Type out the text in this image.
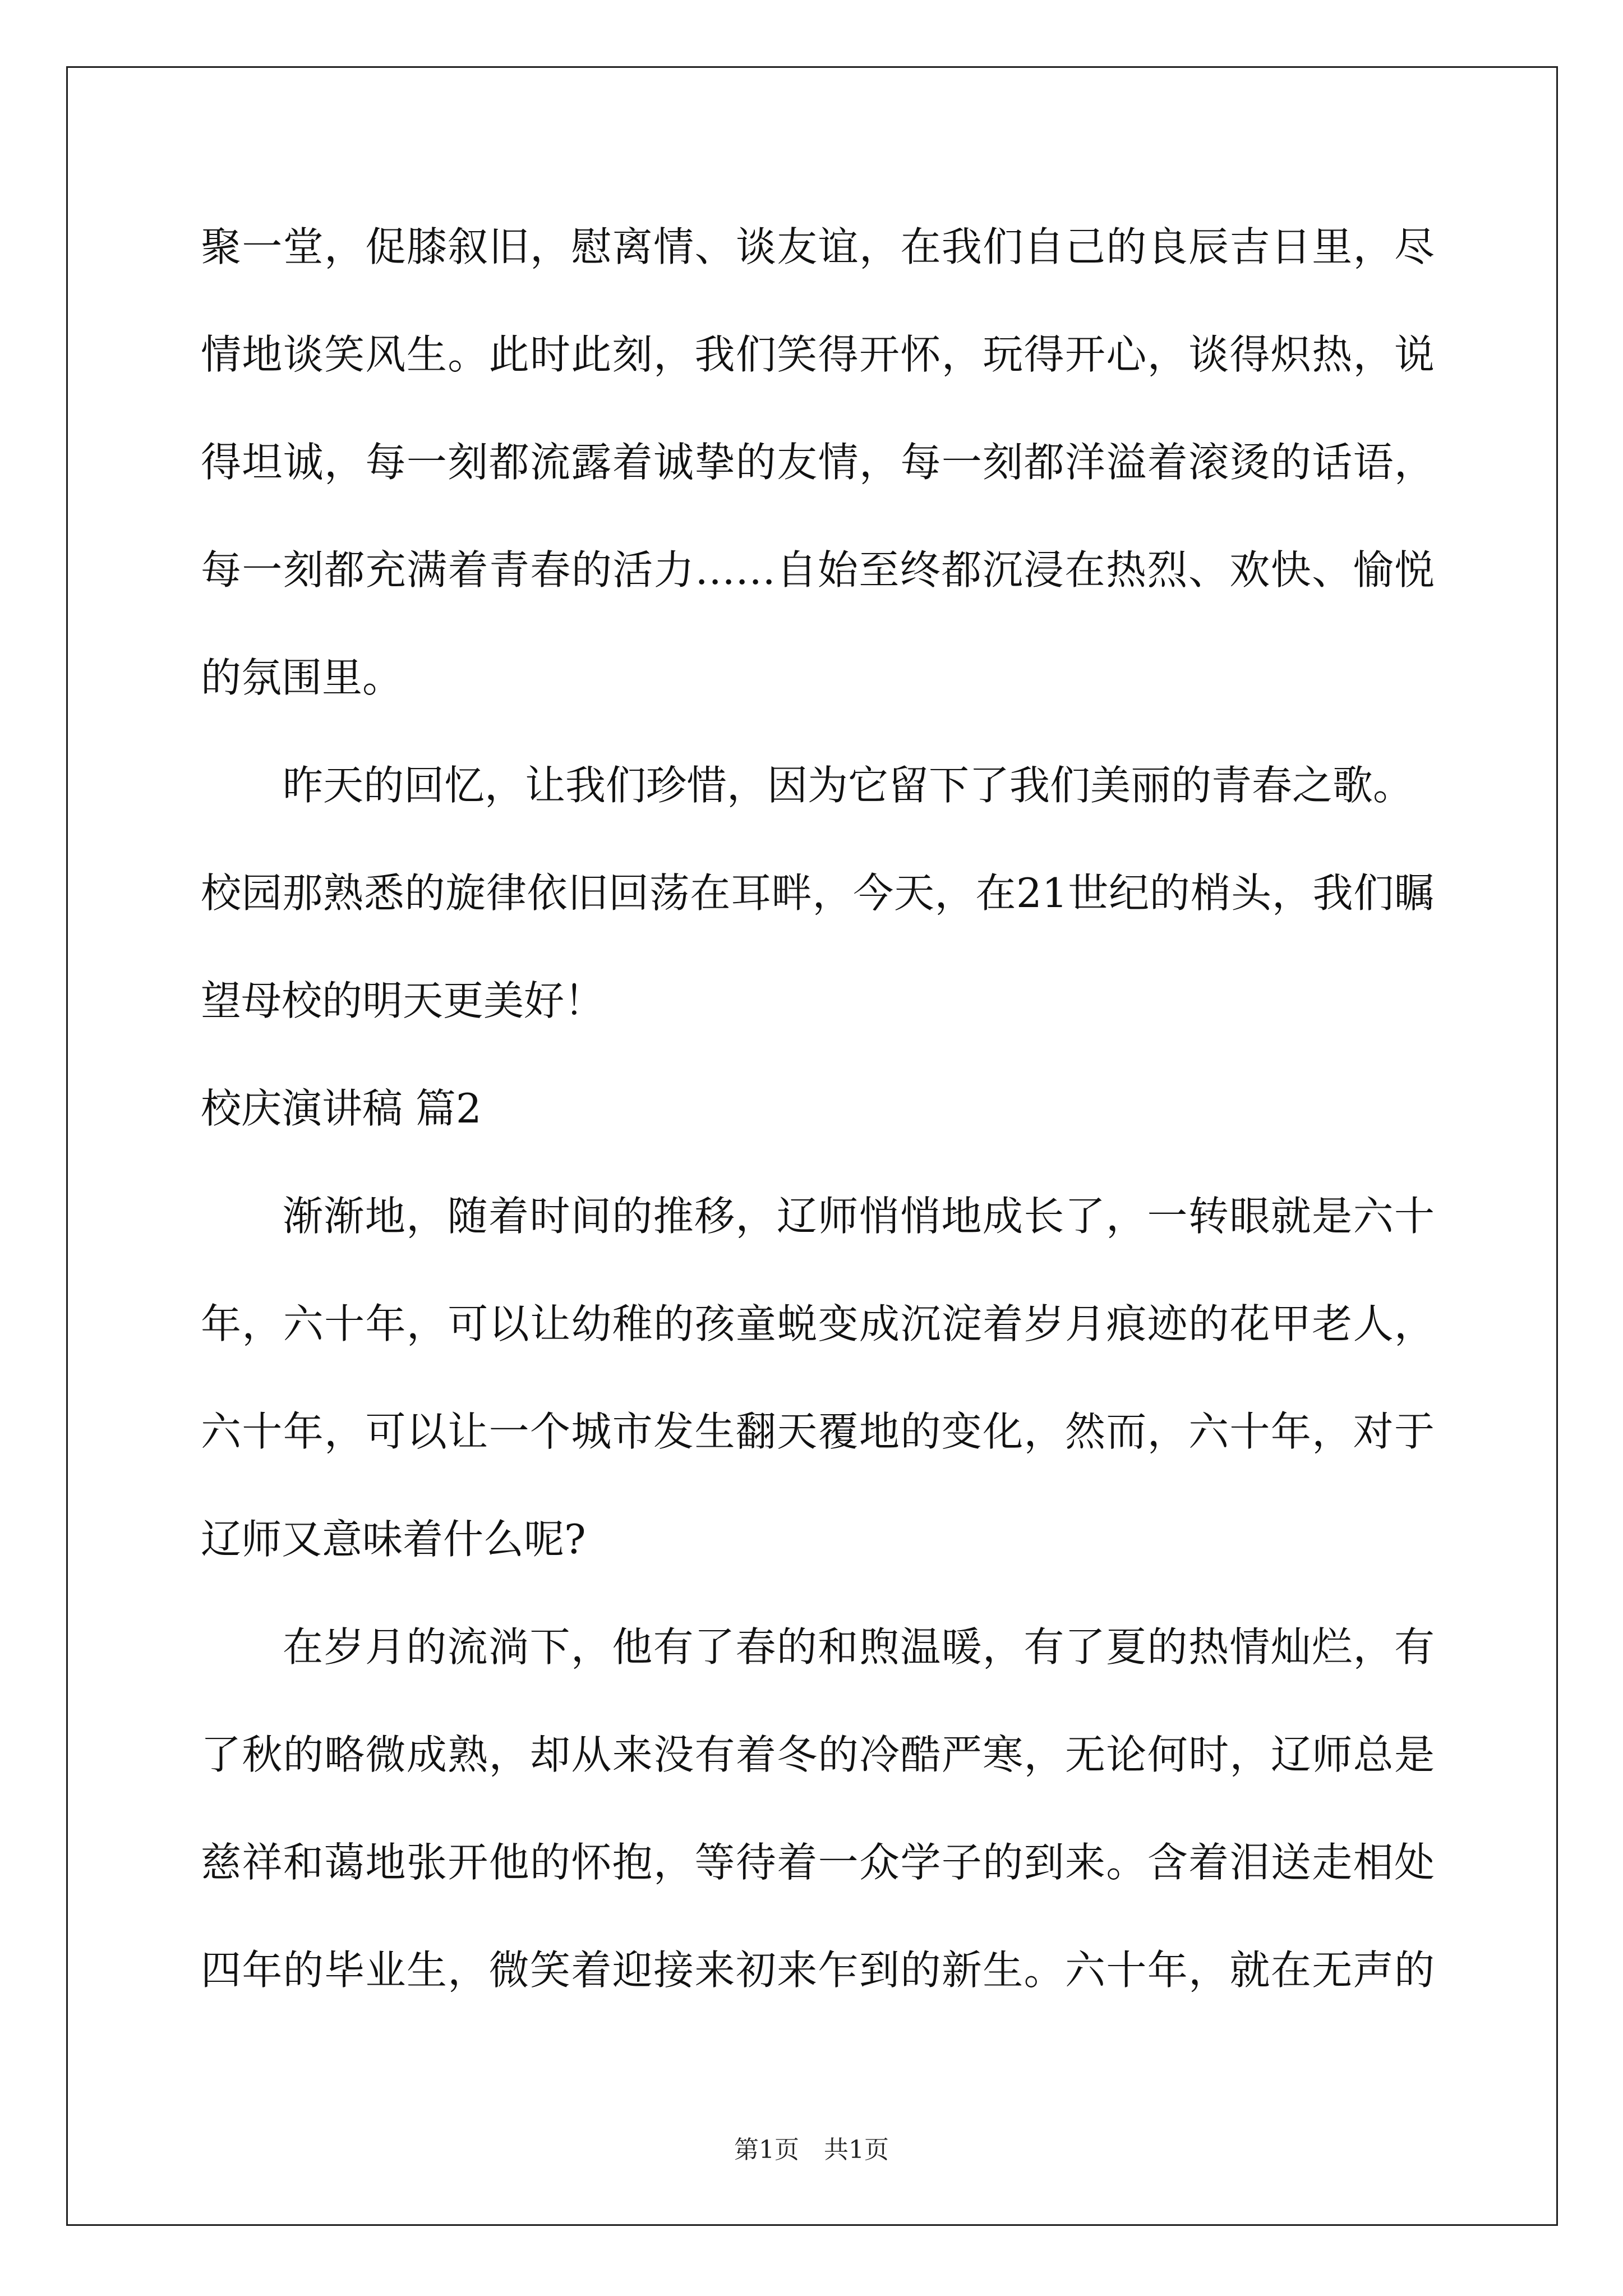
聚一堂，促膝叙旧，慰离情、谈友谊，在我们自己的良辰吉日里，尽
情地谈笑风生。此时此刻，我们笑得开怀，玩得开心，谈得炽热，说
得坦诚，每一刻都流露着诚挚的友情，每一刻都洋溢着滚烫的话语，
每一刻都充满着青春的活力……自始至终都沉浸在热烈、欢快、愉悦
的氛围里。
昨天的回忆，让我们珍惜，因为它留下了我们美丽的青春之歌。
校园那熟悉的旋律依旧回荡在耳畔，今天，在21世纪的梢头，我们瞩
望母校的明天更美好！
校庆演讲稿 篇2
渐渐地，随着时间的推移，辽师悄悄地成长了，一转眼就是六十
年，六十年，可以让幼稚的孩童蜕变成沉淀着岁月痕迹的花甲老人，
六十年，可以让一个城市发生翻天覆地的变化，然而，六十年，对于
辽师又意味着什么呢?
在岁月的流淌下，他有了春的和煦温暖，有了夏的热情灿烂，有
了秋的略微成熟，却从来没有着冬的冷酷严寒，无论何时，辽师总是
慈祥和蔼地张开他的怀抱，等待着一众学子的到来。含着泪送走相处
四年的毕业生，微笑着迎接来初来乍到的新生。六十年，就在无声的
第1页　共1页
